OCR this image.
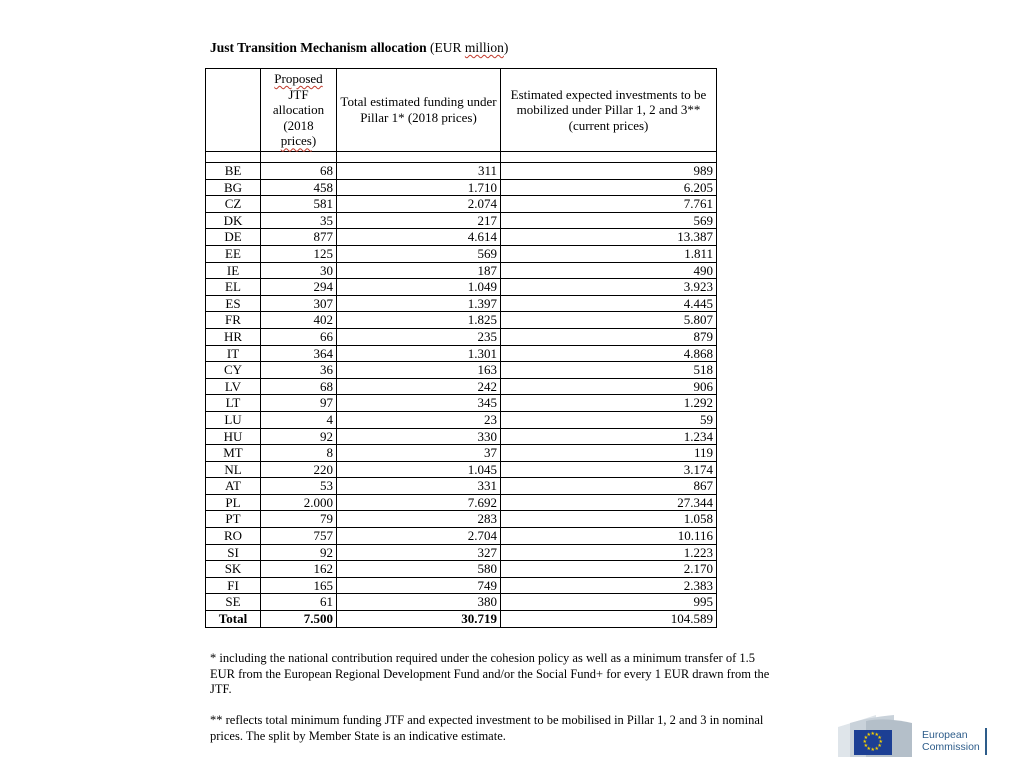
Just Transition Mechanism allocation (EUR million)
	Proposed
JTF allocation (2018
prices)	Total estimated funding under Pillar 1* (2018 prices)	Estimated expected investments to be mobilized under Pillar 1, 2 and 3** (current prices)

BE	68	311	989
BG	458	1.710	6.205
CZ	581	2.074	7.761
DK	35	217	569
DE	877	4.614	13.387
EE	125	569	1.811
IE	30	187	490
EL	294	1.049	3.923
ES	307	1.397	4.445
FR	402	1.825	5.807
HR	66	235	879
IT	364	1.301	4.868
CY	36	163	518
LV	68	242	906
LT	97	345	1.292
LU	4	23	59
HU	92	330	1.234
MT	8	37	119
NL	220	1.045	3.174
AT	53	331	867
PL	2.000	7.692	27.344
PT	79	283	1.058
RO	757	2.704	10.116
SI	92	327	1.223
SK	162	580	2.170
FI	165	749	2.383
SE	61	380	995
Total	7.500	30.719	104.589
* including the national contribution required under the cohesion policy as well as a minimum transfer of 1.5 EUR from the European Regional Development Fund and/or the Social Fund+ for every 1 EUR drawn from the JTF.
** reflects total minimum funding JTF and expected investment to be mobilised in Pillar 1, 2 and 3 in nominal prices. The split by Member State is an indicative estimate.	★
★
★
★
★
★
★
★
★ ★ ★
★	European
Commission
